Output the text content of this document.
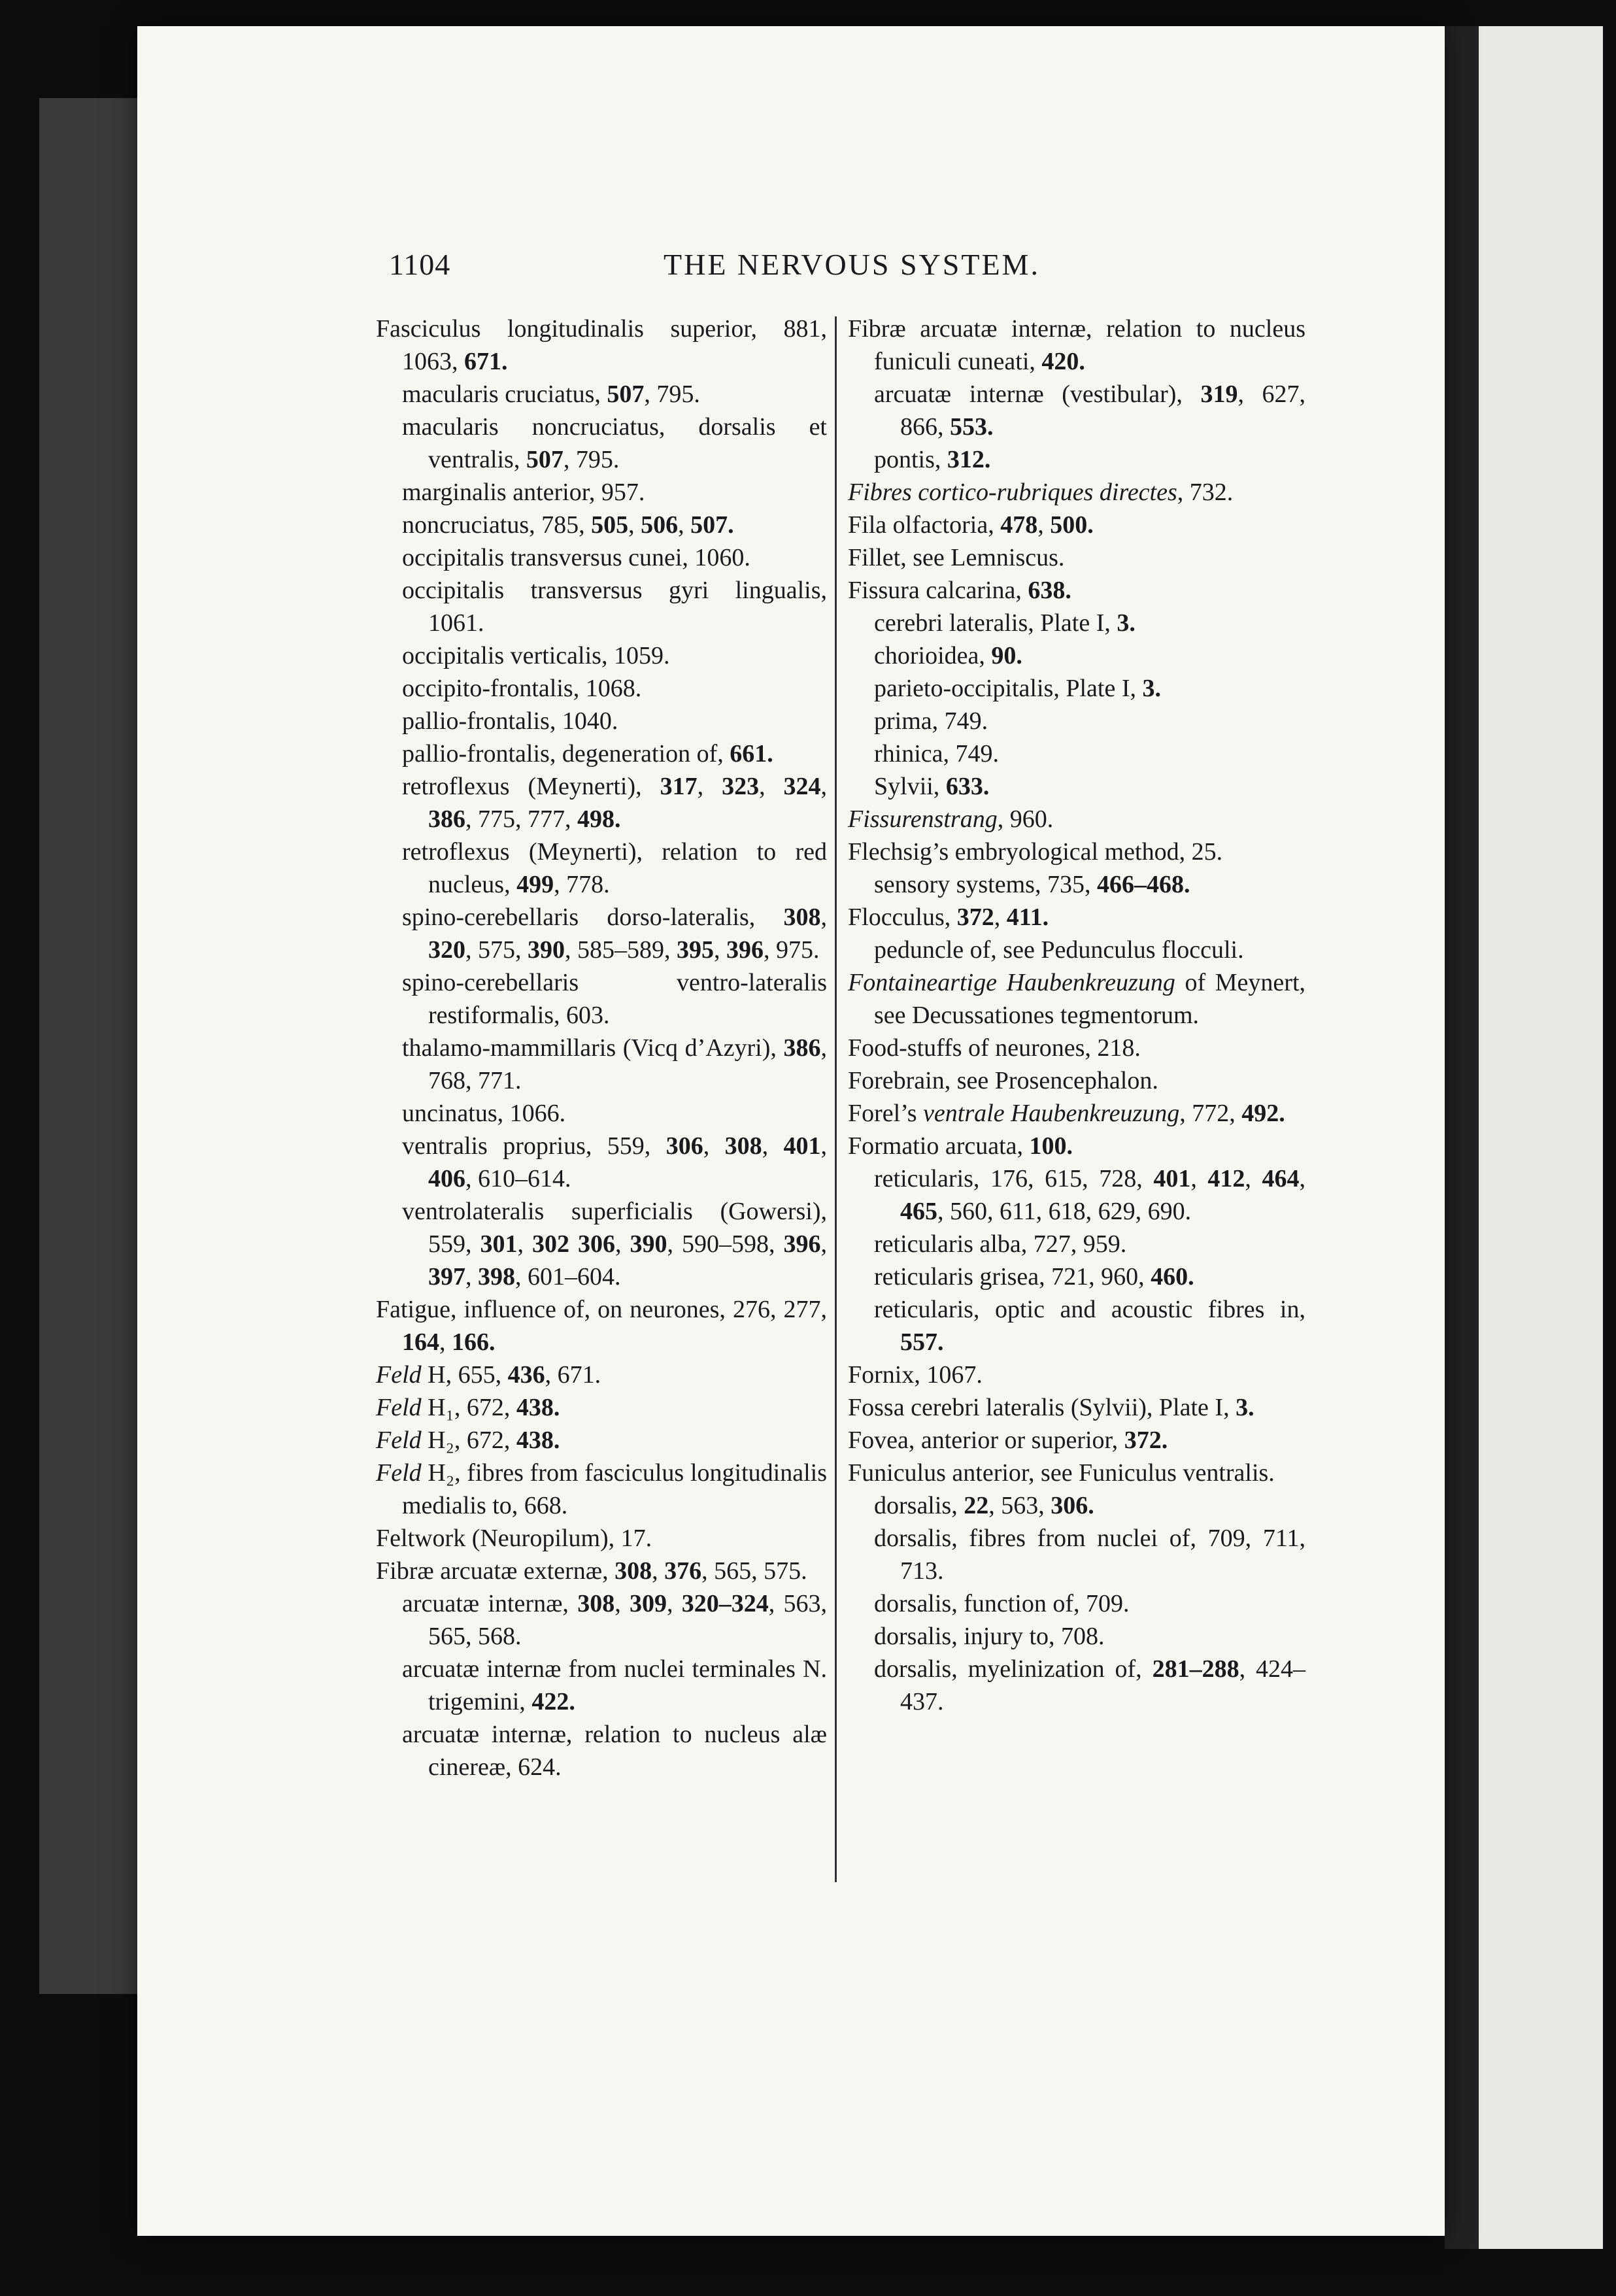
1104	THE NERVOUS SYSTEM.

Fasciculus longitudinalis superior, 881, 1063, 671.

macularis cruciatus, 507, 795.

macularis noncruciatus, dorsalis et ventralis, 507, 795.

marginalis anterior, 957.

noncruciatus, 785, 505, 506, 507.

occipitalis transversus cunei, 1060.

occipitalis transversus gyri lingualis, 1061.

occipitalis verticalis, 1059.

occipito-frontalis, 1068.

pallio-frontalis, 1040.

pallio-frontalis, degeneration of, 661.

retroflexus (Meynerti), 317, 323, 324, 386, 775, 777, 498.

retroflexus (Meynerti), relation to red nucleus, 499, 778.

spino-cerebellaris dorso-lateralis, 308, 320, 575, 390, 585–589, 395, 396, 975.

spino-cerebellaris ventro-lateralis restiformalis, 603.

thalamo-mammillaris (Vicq d’Azyri), 386, 768, 771.

uncinatus, 1066.

ventralis proprius, 559, 306, 308, 401, 406, 610–614.

ventrolateralis superficialis (Gowersi), 559, 301, 302 306, 390, 590–598, 396, 397, 398, 601–604.

Fatigue, influence of, on neurones, 276, 277, 164, 166.

Feld H, 655, 436, 671.

Feld H₁, 672, 438.

Feld H₂, 672, 438.

Feld H₂, fibres from fasciculus longitudinalis medialis to, 668.

Feltwork (Neuropilum), 17.

Fibræ arcuatæ externæ, 308, 376, 565, 575.

arcuatæ internæ, 308, 309, 320–324, 563, 565, 568.

arcuatæ internæ from nuclei terminales N. trigemini, 422.

arcuatæ internæ, relation to nucleus alæ cinereæ, 624.

Fibræ arcuatæ internæ, relation to nucleus funiculi cuneati, 420.

arcuatæ internæ (vestibular), 319, 627, 866, 553.

pontis, 312.

Fibres cortico-rubriques directes, 732.

Fila olfactoria, 478, 500.

Fillet, see Lemniscus.

Fissura calcarina, 638.

cerebri lateralis, Plate I, 3.

chorioidea, 90.

parieto-occipitalis, Plate I, 3.

prima, 749.

rhinica, 749.

Sylvii, 633.

Fissurenstrang, 960.

Flechsig’s embryological method, 25.

sensory systems, 735, 466–468.

Flocculus, 372, 411.

peduncle of, see Pedunculus flocculi.

Fontaineartige Haubenkreuzung of Meynert, see Decussationes tegmentorum.

Food-stuffs of neurones, 218.

Forebrain, see Prosencephalon.

Forel’s ventrale Haubenkreuzung, 772, 492.

Formatio arcuata, 100.

reticularis, 176, 615, 728, 401, 412, 464, 465, 560, 611, 618, 629, 690.

reticularis alba, 727, 959.

reticularis grisea, 721, 960, 460.

reticularis, optic and acoustic fibres in, 557.

Fornix, 1067.

Fossa cerebri lateralis (Sylvii), Plate I, 3.

Fovea, anterior or superior, 372.

Funiculus anterior, see Funiculus ventralis.

dorsalis, 22, 563, 306.

dorsalis, fibres from nuclei of, 709, 711, 713.

dorsalis, function of, 709.

dorsalis, injury to, 708.

dorsalis, myelinization of, 281–288, 424–437.
